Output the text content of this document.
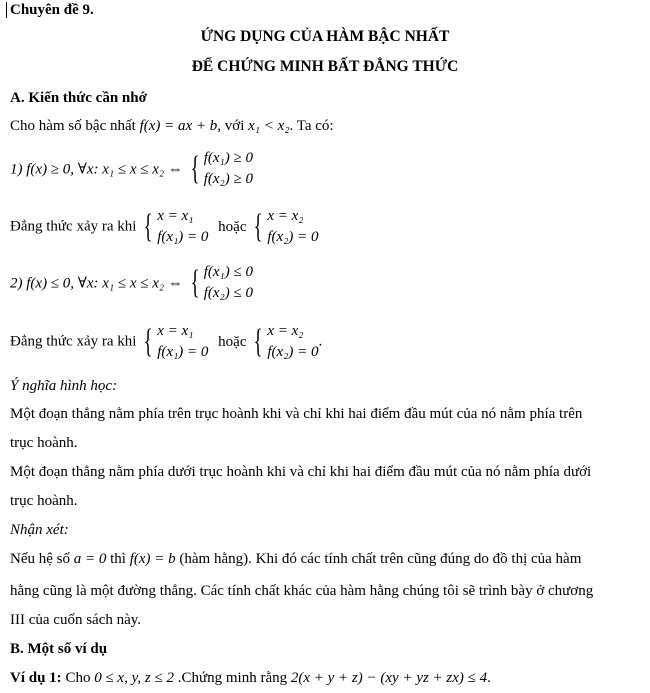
Chuyên đề 9.
ỨNG DỤNG CỦA HÀM BẬC NHẤT
ĐỂ CHỨNG MINH BẤT ĐẲNG THỨC
A. Kiến thức cần nhớ
Cho hàm số bậc nhất f(x) = ax + b, với x₁ < x₂. Ta có:
1) f(x) ≥ 0, ∀x: x₁ ≤ x ≤ x₂ ⇔ { f(x₁) ≥ 0
f(x₂) ≥ 0
Đẳng thức xảy ra khi { x = x₁
f(x₁) = 0
hoặc { x = x₂
f(x₂) = 0
2) f(x) ≤ 0, ∀x: x₁ ≤ x ≤ x₂ ⇔ { f(x₁) ≤ 0
f(x₂) ≤ 0
Đẳng thức xảy ra khi { x = x₁
f(x₁) = 0
hoặc { x = x₂
f(x₂) = 0
.
Ý nghĩa hình học:
Một đoạn thẳng nằm phía trên trục hoành khi và chỉ khi hai điểm đầu mút của nó nằm phía trên
trục hoành.
Một đoạn thẳng nằm phía dưới trục hoành khi và chỉ khi hai điểm đầu mút của nó nằm phía dưới
trục hoành.
Nhận xét:
Nếu hệ số a = 0 thì f(x) = b (hàm hằng). Khi đó các tính chất trên cũng đúng do đồ thị của hàm
hằng cũng là một đường thẳng. Các tính chất khác của hàm hằng chúng tôi sẽ trình bày ở chương
III của cuốn sách này.
B. Một số ví dụ
Ví dụ 1: Cho 0 ≤ x, y, z ≤ 2 .Chứng minh rằng 2(x + y + z) − (xy + yz + zx) ≤ 4.
